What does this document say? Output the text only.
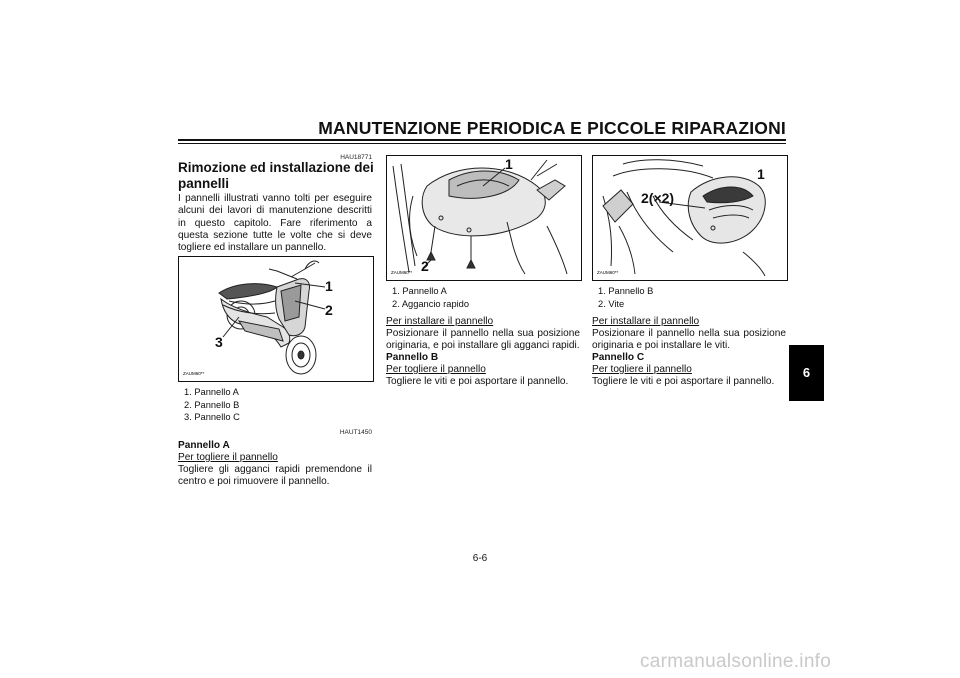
MANUTENZIONE PERIODICA E PICCOLE RIPARAZIONI
HAU18771
Rimozione ed installazione dei
pannelli
I pannelli illustrati vanno tolti per eseguire alcuni dei lavori di manutenzione descritti in questo capitolo. Fare riferimento a questa sezione tutte le volte che si deve togliere ed installare un pannello.
ZAUM60**
1
2
3
1. Pannello A
2. Pannello B
3. Pannello C
HAUT1450
Pannello A
Per togliere il pannello
Togliere gli agganci rapidi premendone il centro e poi rimuovere il pannello.
ZAUM60**
1
2
1. Pannello A
2. Aggancio rapido
Per installare il pannello
Posizionare il pannello nella sua posizione originaria, e poi installare gli agganci rapidi.
Pannello B
Per togliere il pannello
Togliere le viti e poi asportare il pannello.
ZAUM60**
1
2(×2)
1. Pannello B
2. Vite
Per installare il pannello
Posizionare il pannello nella sua posizione originaria e poi installare le viti.
Pannello C
Per togliere il pannello
Togliere le viti e poi asportare il pannello.
6
6-6
carmanualsonline.info
